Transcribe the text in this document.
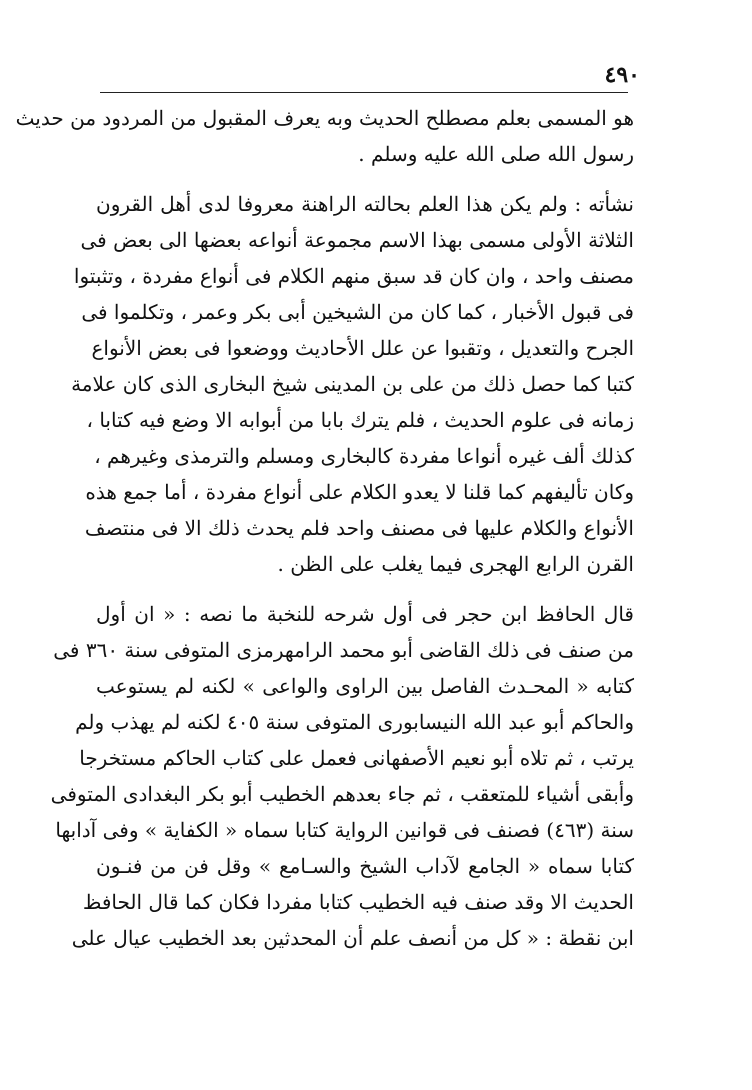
٤٩٠
هو المسمى بعلم مصطلح الحديث وبه يعرف المقبول من المردود من حديث
رسول الله صلى الله عليه وسلم .
نشأته : ولم يكن هذا العلم بحالته الراهنة معروفا لدى أهل القرون
الثلاثة الأولى مسمى بهذا الاسم مجموعة أنواعه بعضها الى بعض فى
مصنف واحد ، وان كان قد سبق منهم الكلام فى أنواع مفردة ، وتثبتوا
فى قبول الأخبار ، كما كان من الشيخين أبى بكر وعمر ، وتكلموا فى
الجرح والتعديل ، وتقبوا عن علل الأحاديث ووضعوا فى بعض الأنواع
كتبا كما حصل ذلك من على بن المدينى شيخ البخارى الذى كان علامة
زمانه فى علوم الحديث ، فلم يترك بابا من أبوابه الا وضع فيه كتابا ،
كذلك ألف غيره أنواعا مفردة كالبخارى ومسلم والترمذى وغيرهم ،
وكان تأليفهم كما قلنا لا يعدو الكلام على أنواع مفردة ، أما جمع هذه
الأنواع والكلام عليها فى مصنف واحد فلم يحدث ذلك الا فى منتصف
القرن الرابع الهجرى فيما يغلب على الظن .
قال الحافظ ابن حجر فى أول شرحه للنخبة ما نصه : « ان أول
من صنف فى ذلك القاضى أبو محمد الرامهرمزى المتوفى سنة ٣٦٠ فى
كتابه « المحـدث الفاصل بين الراوى والواعى » لكنه لم يستوعب
والحاكم أبو عبد الله النيسابورى المتوفى سنة ٤٠٥ لكنه لم يهذب ولم
يرتب ، ثم تلاه أبو نعيم الأصفهانى فعمل على كتاب الحاكم مستخرجا
وأبقى أشياء للمتعقب ، ثم جاء بعدهم الخطيب أبو بكر البغدادى المتوفى
سنة (٤٦٣) فصنف فى قوانين الرواية كتابا سماه « الكفاية » وفى آدابها
كتابا سماه « الجامع لآداب الشيخ والسـامع » وقل فن من فنـون
الحديث الا وقد صنف فيه الخطيب كتابا مفردا فكان كما قال الحافظ
ابن نقطة : « كل من أنصف علم أن المحدثين بعد الخطيب عيال على
